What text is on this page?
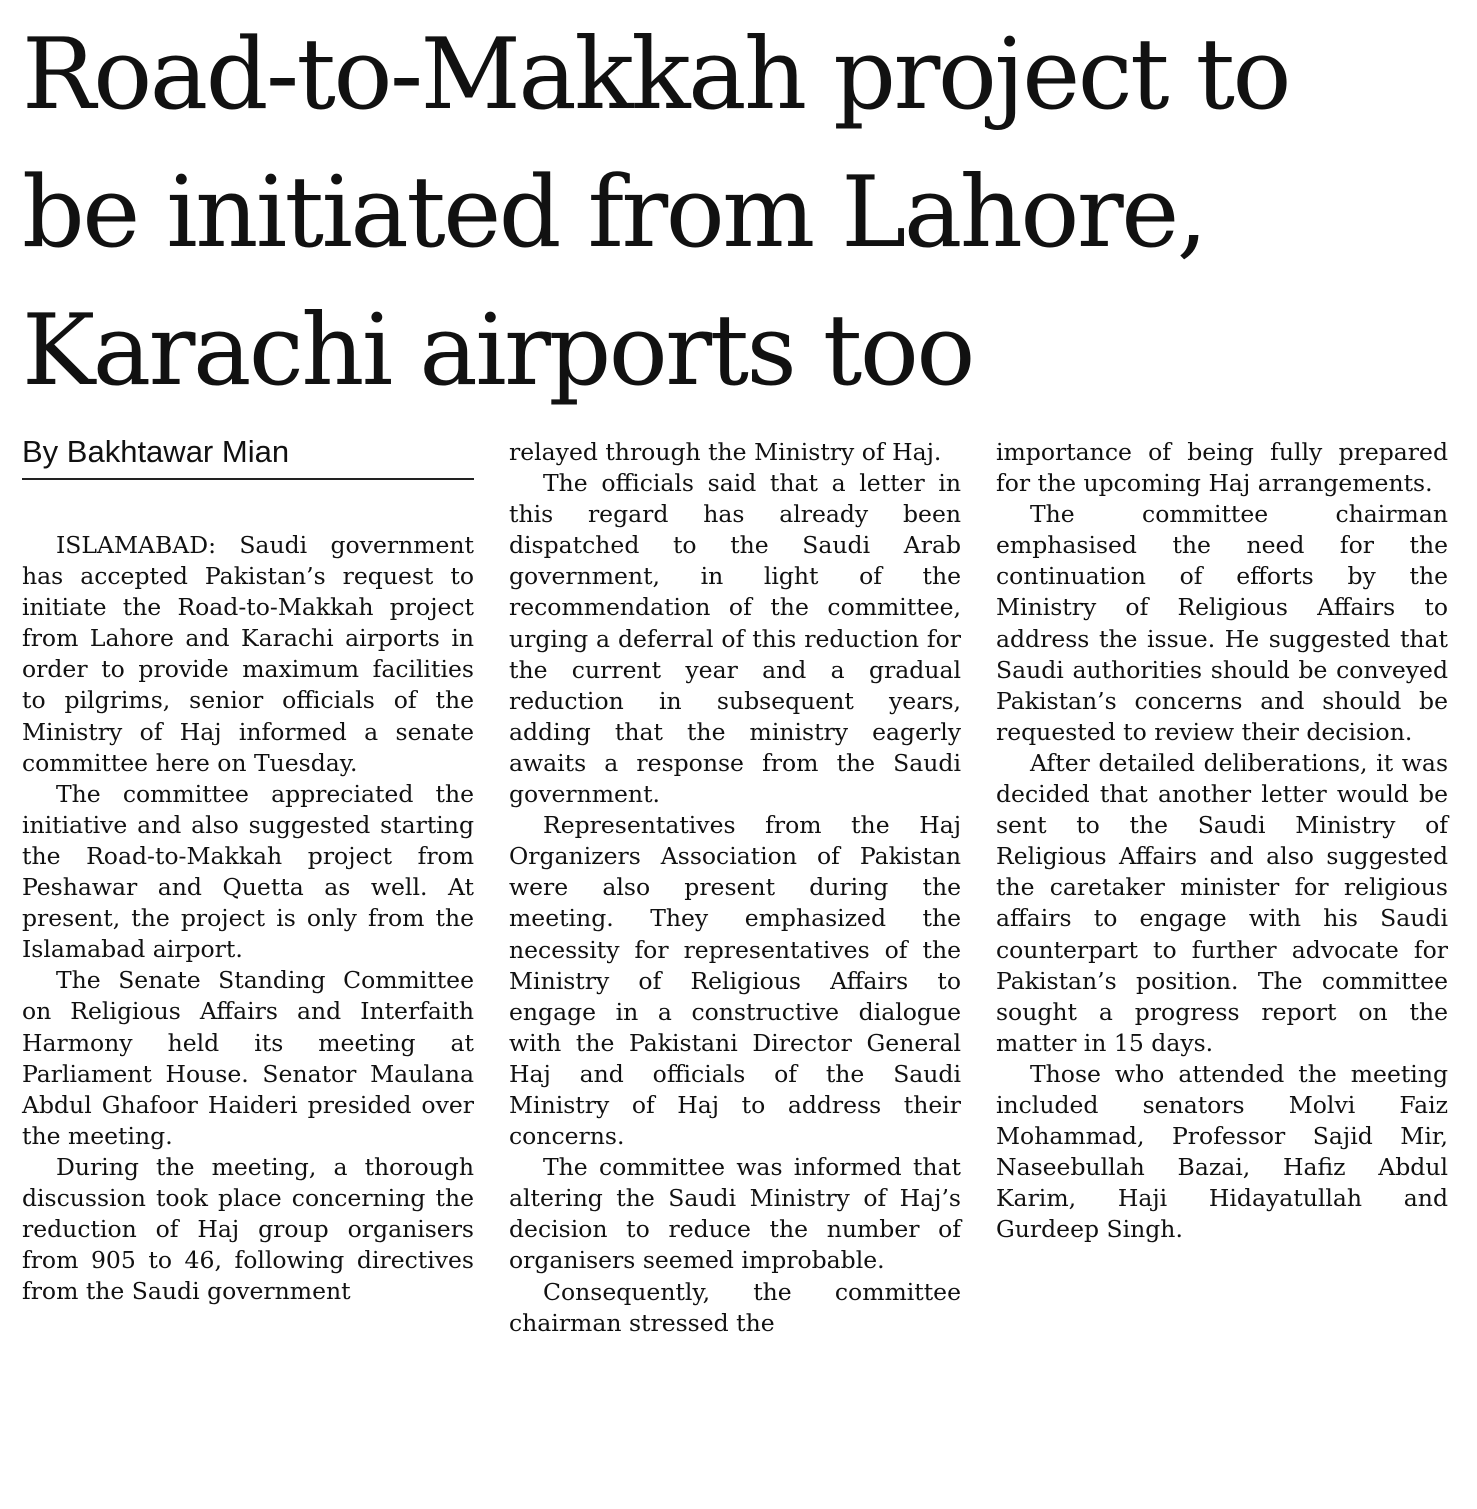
Road-to-Makkah project to
be initiated from Lahore,
Karachi airports too
By Bakhtawar Mian

ISLAMABAD: Saudi government has accepted Pakistan’s request to initiate the Road-to-Makkah project from Lahore and Karachi airports in order to provide maximum facilities to pilgrims, senior officials of the Ministry of Haj informed a senate committee here on Tuesday.

The committee appreciated the initiative and also suggested starting the Road-to-Makkah project from Peshawar and Quetta as well. At present, the project is only from the Islamabad airport.

The Senate Standing Committee on Religious Affairs and Interfaith Harmony held its meeting at Parliament House. Senator Maulana Abdul Ghafoor Haideri presided over the meeting.

During the meeting, a thorough discussion took place concerning the reduction of Haj group organisers from 905 to 46, following directives from the Saudi government

relayed through the Ministry of Haj.

The officials said that a letter in this regard has already been dispatched to the Saudi Arab government, in light of the recommendation of the committee, urging a deferral of this reduction for the current year and a gradual reduction in subsequent years, adding that the ministry eagerly awaits a response from the Saudi government.

Representatives from the Haj Organizers Association of Pakistan were also present during the meeting. They emphasized the necessity for representatives of the Ministry of Religious Affairs to engage in a constructive dialogue with the Pakistani Director General Haj and officials of the Saudi Ministry of Haj to address their concerns.

The committee was informed that altering the Saudi Ministry of Haj’s decision to reduce the number of organisers seemed improbable.

Consequently, the committee chairman stressed the

importance of being fully prepared for the upcoming Haj arrangements.

The committee chairman emphasised the need for the continuation of efforts by the Ministry of Religious Affairs to address the issue. He suggested that Saudi authorities should be conveyed Pakistan’s concerns and should be requested to review their decision.

After detailed deliberations, it was decided that another letter would be sent to the Saudi Ministry of Religious Affairs and also suggested the caretaker minister for religious affairs to engage with his Saudi counterpart to further advocate for Pakistan’s position. The committee sought a progress report on the matter in 15 days.

Those who attended the meeting included senators Molvi Faiz Mohammad, Professor Sajid Mir, Naseebullah Bazai, Hafiz Abdul Karim, Haji Hidayatullah and Gurdeep Singh.
